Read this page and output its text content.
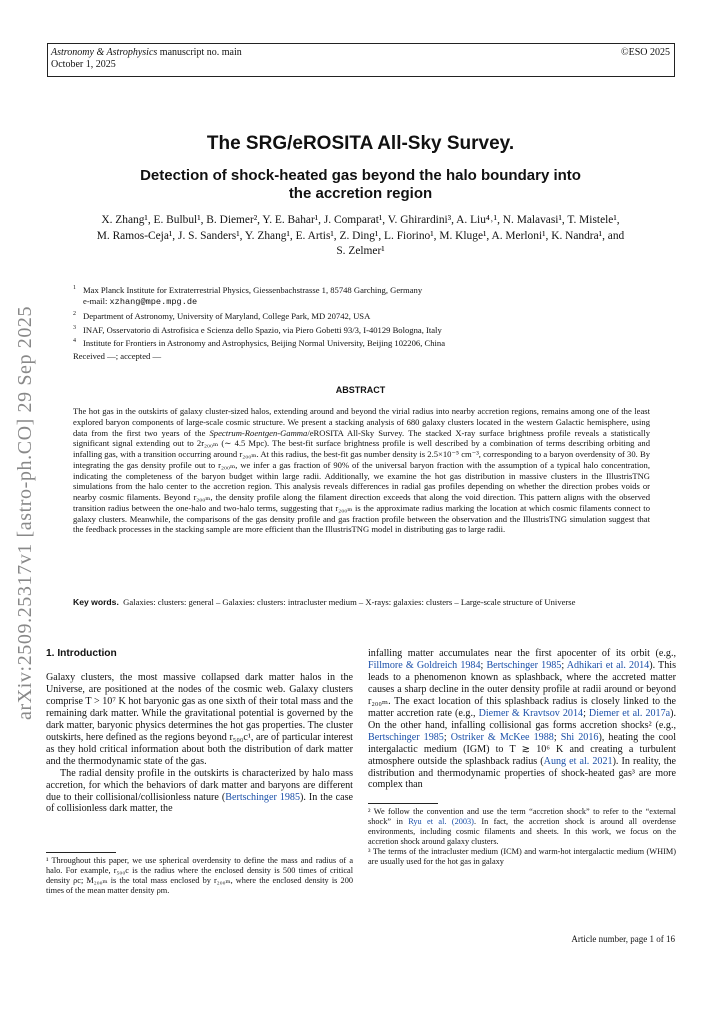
Astronomy & Astrophysics manuscript no. main
October 1, 2025
©ESO 2025
arXiv:2509.25317v1 [astro-ph.CO] 29 Sep 2025
The SRG/eROSITA All-Sky Survey.
Detection of shock-heated gas beyond the halo boundary into
the accretion region
X. Zhang¹, E. Bulbul¹, B. Diemer², Y. E. Bahar¹, J. Comparat¹, V. Ghirardini³, A. Liu⁴˒¹, N. Malavasi¹, T. Mistele¹,
M. Ramos-Ceja¹, J. S. Sanders¹, Y. Zhang¹, E. Artis¹, Z. Ding¹, L. Fiorino¹, M. Kluge¹, A. Merloni¹, K. Nandra¹, and
S. Zelmer¹
$^1$ Max Planck Institute for Extraterrestrial Physics, Giessenbachstrasse 1, 85748 Garching, Germany
e-mail: xzhang@mpe.mpg.de
$^2$ Department of Astronomy, University of Maryland, College Park, MD 20742, USA
$^3$ INAF, Osservatorio di Astrofisica e Scienza dello Spazio, via Piero Gobetti 93/3, I-40129 Bologna, Italy
$^4$ Institute for Frontiers in Astronomy and Astrophysics, Beijing Normal University, Beijing 102206, China
Received —; accepted —
ABSTRACT
The hot gas in the outskirts of galaxy cluster-sized halos, extending around and beyond the virial radius into nearby accretion regions, remains among one of the least explored baryon components of large-scale cosmic structure. We present a stacking analysis of 680 galaxy clusters located in the western Galactic hemisphere, using data from the first two years of the Spectrum-Roentgen-Gamma/eROSITA All-Sky Survey. The stacked X-ray surface brightness profile reveals a statistically significant signal extending out to 2r₂₀₀ₘ (∼ 4.5 Mpc). The best-fit surface brightness profile is well described by a combination of terms describing orbiting and infalling gas, with a transition occurring around r₂₀₀ₘ. At this radius, the best-fit gas number density is 2.5×10⁻⁵ cm⁻³, corresponding to a baryon overdensity of 30. By integrating the gas density profile out to r₂₀₀ₘ, we infer a gas fraction of 90% of the universal baryon fraction with the assumption of a typical halo concentration, indicating the completeness of the baryon budget within large radii. Additionally, we examine the hot gas distribution in massive clusters in the IllustrisTNG simulations from the halo center to the accretion region. This analysis reveals differences in radial gas profiles depending on whether the direction probes voids or nearby cosmic filaments. Beyond r₂₀₀ₘ, the density profile along the filament direction exceeds that along the void direction. This pattern aligns with the observed transition radius between the one-halo and two-halo terms, suggesting that r₂₀₀ₘ is the approximate radius marking the location at which cosmic filaments connect to galaxy clusters. Meanwhile, the comparisons of the gas density profile and gas fraction profile between the observation and the IllustrisTNG simulation suggest that the feedback processes in the stacking sample are more efficient than the IllustrisTNG model in distributing gas to large radii.
Key words. Galaxies: clusters: general – Galaxies: clusters: intracluster medium – X-rays: galaxies: clusters – Large-scale structure of Universe
1. Introduction

Galaxy clusters, the most massive collapsed dark matter halos in the Universe, are positioned at the nodes of the cosmic web. Galaxy clusters comprise T > 10⁷ K hot baryonic gas as one sixth of their total mass and the remaining dark matter. While the gravitational potential is governed by the dark matter, baryonic physics determines the hot gas properties. The cluster outskirts, here defined as the regions beyond r₅₀₀c¹, are of particular interest as they hold critical information about both the distribution of dark matter and the thermodynamic state of the gas.

The radial density profile in the outskirts is characterized by halo mass accretion, for which the behaviors of dark matter and baryons are different due to their collisional/collisionless nature (Bertschinger 1985). In the case of collisionless dark matter, the

infalling matter accumulates near the first apocenter of its orbit (e.g., Fillmore & Goldreich 1984; Bertschinger 1985; Adhikari et al. 2014). This leads to a phenomenon known as splashback, where the accreted matter causes a sharp decline in the outer density profile at radii around or beyond r₂₀₀ₘ. The exact location of this splashback radius is closely linked to the matter accretion rate (e.g., Diemer & Kravtsov 2014; Diemer et al. 2017a). On the other hand, infalling collisional gas forms accretion shocks² (e.g., Bertschinger 1985; Ostriker & McKee 1988; Shi 2016), heating the cool intergalactic medium (IGM) to T ≳ 10⁶ K and creating a turbulent atmosphere outside the splashback radius (Aung et al. 2021). In reality, the distribution and thermodynamic properties of shock-heated gas³ are more complex than

¹ Throughout this paper, we use spherical overdensity to define the mass and radius of a halo. For example, r₅₀₀c is the radius where the enclosed density is 500 times of critical density ρc; M₂₀₀ₘ is the total mass enclosed by r₂₀₀ₘ, where the enclosed density is 200 times of the mean matter density ρm.

² We follow the convention and use the term “accretion shock” to refer to the “external shock” in Ryu et al. (2003). In fact, the accretion shock is around all overdense environments, including cosmic filaments and sheets. In this work, we focus on the accretion shock around galaxy clusters.

³ The terms of the intracluster medium (ICM) and warm-hot intergalactic medium (WHIM) are usually used for the hot gas in galaxy

Article number, page 1 of 16
